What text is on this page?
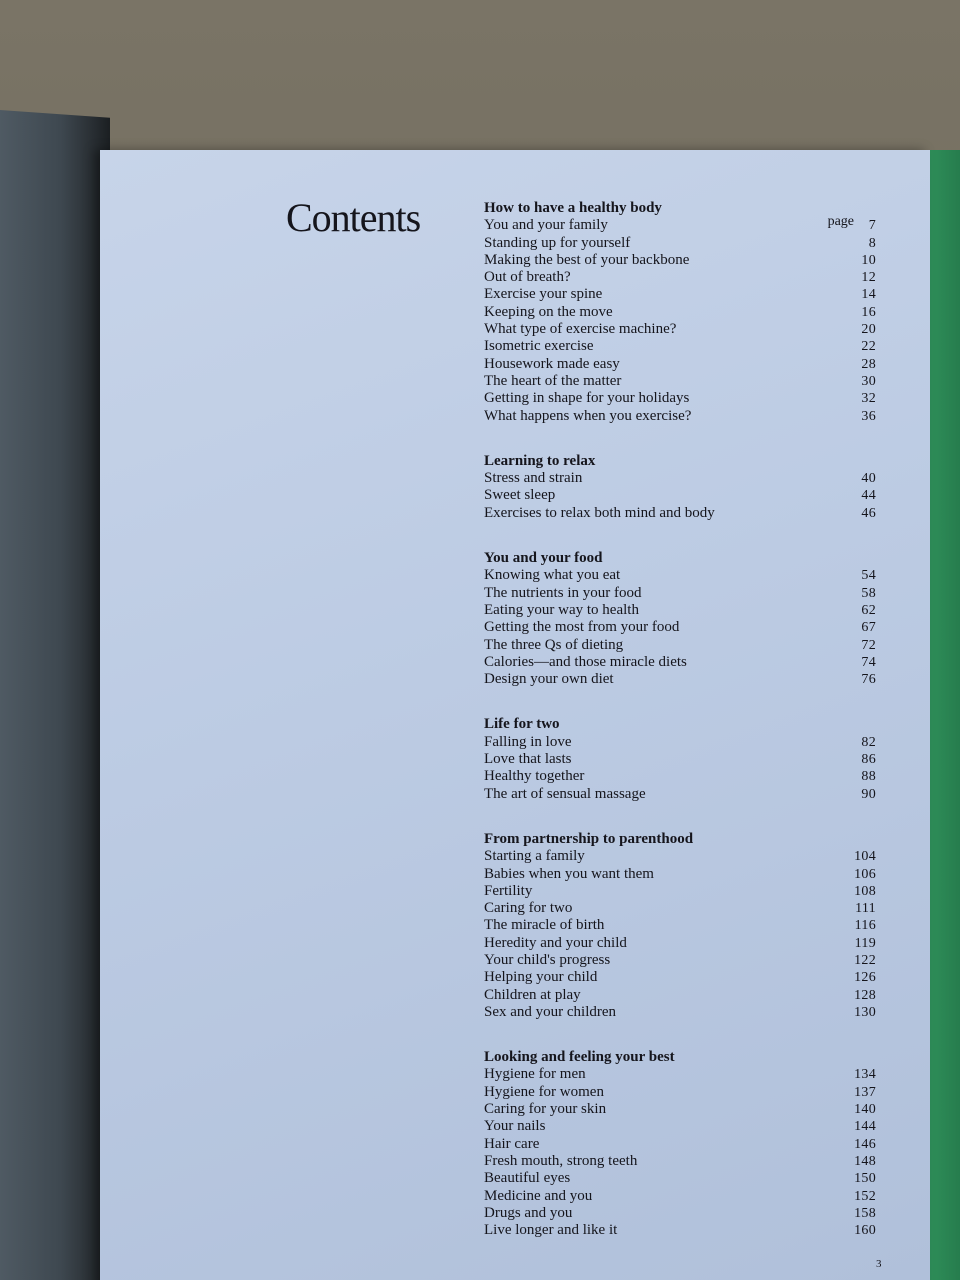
Contents	How to have a healthy body
You and your family	page 7
Standing up for yourself	8
Making the best of your backbone	10
Out of breath?	12
Exercise your spine	14
Keeping on the move	16
What type of exercise machine?	20
Isometric exercise	22
Housework made easy	28
The heart of the matter	30
Getting in shape for your holidays	32
What happens when you exercise?	36
Learning to relax
Stress and strain	40
Sweet sleep	44
Exercises to relax both mind and body	46
You and your food
Knowing what you eat	54
The nutrients in your food	58
Eating your way to health	62
Getting the most from your food	67
The three Qs of dieting	72
Calories—and those miracle diets	74
Design your own diet	76
Life for two
Falling in love	82
Love that lasts	86
Healthy together	88
The art of sensual massage	90
From partnership to parenthood
Starting a family	104
Babies when you want them	106
Fertility	108
Caring for two	111
The miracle of birth	116
Heredity and your child	119
Your child's progress	122
Helping your child	126
Children at play	128
Sex and your children	130
Looking and feeling your best
Hygiene for men	134
Hygiene for women	137
Caring for your skin	140
Your nails	144
Hair care	146
Fresh mouth, strong teeth	148
Beautiful eyes	150
Medicine and you	152
Drugs and you	158
Live longer and like it	160
3
